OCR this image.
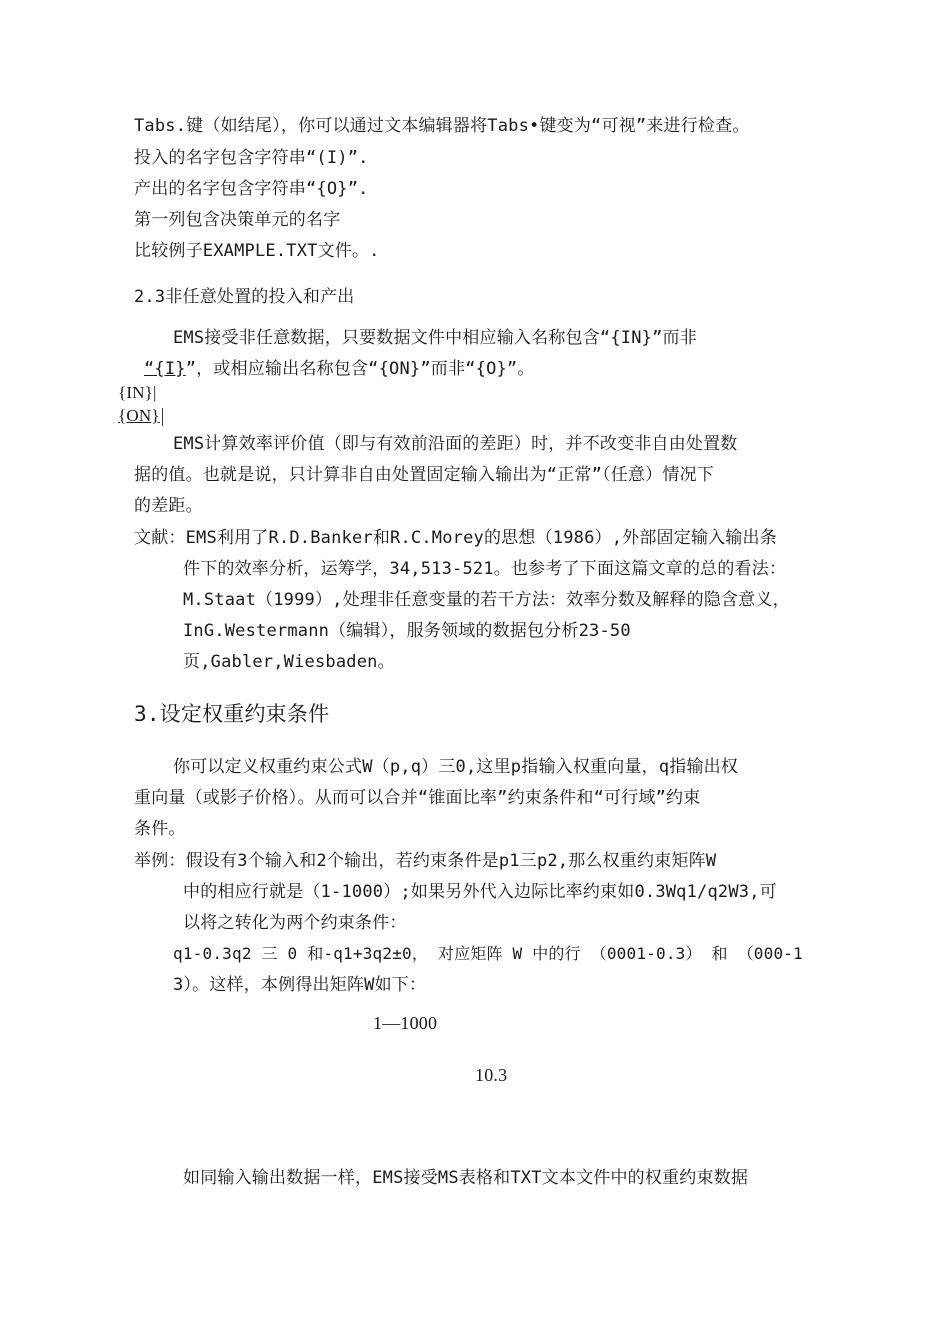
Tabs.键（如结尾），你可以通过文本编辑器将Tabs•键变为“可视”来进行检查。
投入的名字包含字符串“(I)”.
产出的名字包含字符串“{O}”.
第一列包含决策单元的名字
比较例子EXAMPLE.TXT文件。.
2.3非任意处置的投入和产出
EMS接受非任意数据，只要数据文件中相应输入名称包含“{IN}”而非
“{I}”，或相应输出名称包含“{ON}”而非“{O}”。
{IN}|
{ON}
EMS计算效率评价值（即与有效前沿面的差距）时，并不改变非自由处置数
据的值。也就是说，只计算非自由处置固定输入输出为“正常”（任意）情况下
的差距。
文献：EMS利用了R.D.Banker和R.C.Morey的思想（1986）,外部固定输入输出条
件下的效率分析，运筹学，34,513-521。也参考了下面这篇文章的总的看法：
M.Staat（1999）,处理非任意变量的若干方法：效率分数及解释的隐含意义，
InG.Westermann（编辑），服务领域的数据包分析23-50
页,Gabler,Wiesbaden。
3.设定权重约束条件
你可以定义权重约束公式W（p,q）三0,这里p指输入权重向量，q指输出权
重向量（或影子价格）。从而可以合并“锥面比率”约束条件和“可行域”约束
条件。
举例：假设有3个输入和2个输出，若约束条件是p1三p2,那么权重约束矩阵W
中的相应行就是（1-1000）;如果另外代入边际比率约束如0.3Wq1/q2W3,可
以将之转化为两个约束条件：
q1-0.3q2 三 0 和-q1+3q2±0， 对应矩阵 W 中的行 （0001-0.3） 和 （000-1
3）。这样，本例得出矩阵W如下：
1—1000
10.3
如同输入输出数据一样，EMS接受MS表格和TXT文本文件中的权重约束数据
